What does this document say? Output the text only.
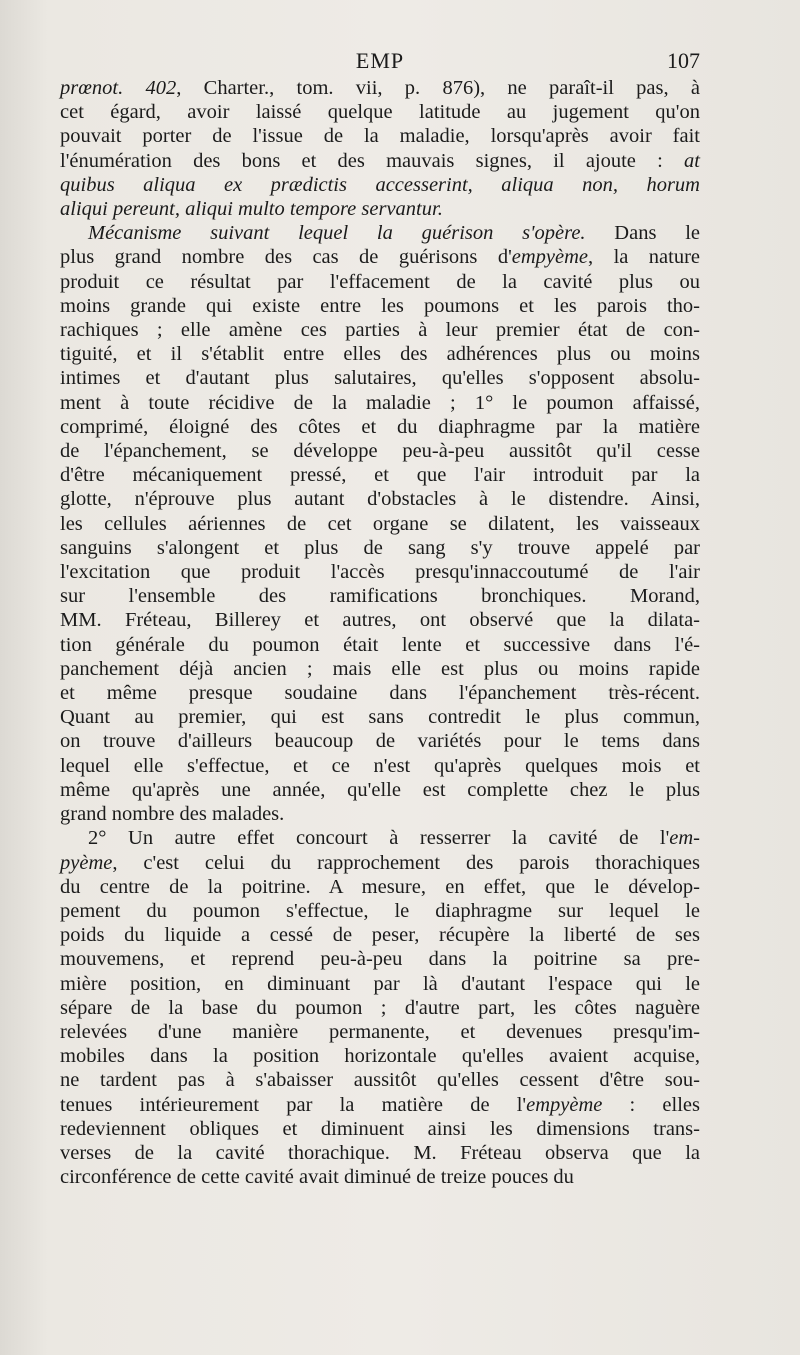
EMP	107
prœnot. 402, Charter., tom. vii, p. 876), ne paraît-il pas, à
cet égard, avoir laissé quelque latitude au jugement qu'on
pouvait porter de l'issue de la maladie, lorsqu'après avoir fait
l'énumération des bons et des mauvais signes, il ajoute : at
quibus aliqua ex prædictis accesserint, aliqua non, horum
aliqui pereunt, aliqui multo tempore servantur.
Mécanisme suivant lequel la guérison s'opère. Dans le
plus grand nombre des cas de guérisons d'empyème, la nature
produit ce résultat par l'effacement de la cavité plus ou
moins grande qui existe entre les poumons et les parois tho-
rachiques ; elle amène ces parties à leur premier état de con-
tiguité, et il s'établit entre elles des adhérences plus ou moins
intimes et d'autant plus salutaires, qu'elles s'opposent absolu-
ment à toute récidive de la maladie ; 1° le poumon affaissé,
comprimé, éloigné des côtes et du diaphragme par la matière
de l'épanchement, se développe peu-à-peu aussitôt qu'il cesse
d'être mécaniquement pressé, et que l'air introduit par la
glotte, n'éprouve plus autant d'obstacles à le distendre. Ainsi,
les cellules aériennes de cet organe se dilatent, les vaisseaux
sanguins s'alongent et plus de sang s'y trouve appelé par
l'excitation que produit l'accès presqu'innaccoutumé de l'air
sur l'ensemble des ramifications bronchiques. Morand,
MM. Fréteau, Billerey et autres, ont observé que la dilata-
tion générale du poumon était lente et successive dans l'é-
panchement déjà ancien ; mais elle est plus ou moins rapide
et même presque soudaine dans l'épanchement très-récent.
Quant au premier, qui est sans contredit le plus commun,
on trouve d'ailleurs beaucoup de variétés pour le tems dans
lequel elle s'effectue, et ce n'est qu'après quelques mois et
même qu'après une année, qu'elle est complette chez le plus
grand nombre des malades.
2° Un autre effet concourt à resserrer la cavité de l'em-
pyème, c'est celui du rapprochement des parois thorachiques
du centre de la poitrine. A mesure, en effet, que le dévelop-
pement du poumon s'effectue, le diaphragme sur lequel le
poids du liquide a cessé de peser, récupère la liberté de ses
mouvemens, et reprend peu-à-peu dans la poitrine sa pre-
mière position, en diminuant par là d'autant l'espace qui le
sépare de la base du poumon ; d'autre part, les côtes naguère
relevées d'une manière permanente, et devenues presqu'im-
mobiles dans la position horizontale qu'elles avaient acquise,
ne tardent pas à s'abaisser aussitôt qu'elles cessent d'être sou-
tenues intérieurement par la matière de l'empyème : elles
redeviennent obliques et diminuent ainsi les dimensions trans-
verses de la cavité thorachique. M. Fréteau observa que la
circonférence de cette cavité avait diminué de treize pouces du
